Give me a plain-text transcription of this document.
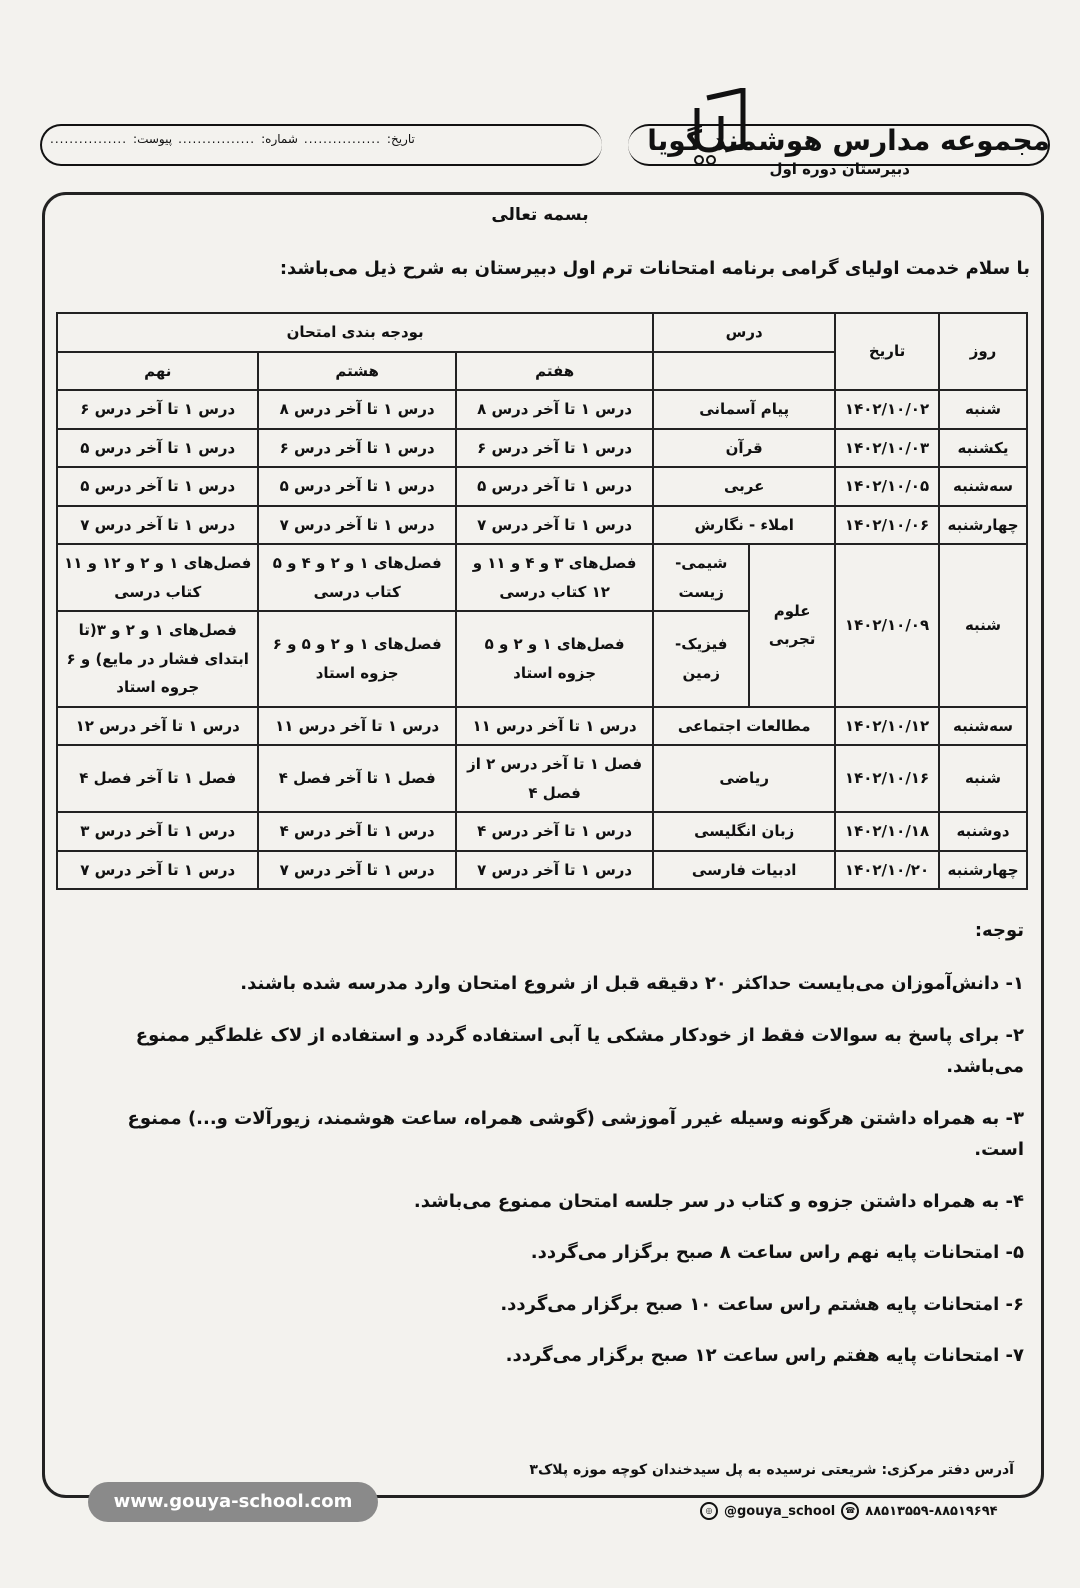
تاریخ:
................
شماره:
................
پیوست:
................	مجموعه مدارس هوشمند گویا
دبیرستان دوره اول
بسمه تعالی
با سلام خدمت اولیای گرامی برنامه امتحانات ترم اول دبیرستان به شرح ذیل می‌باشد:
روز	تاریخ	درس		بودجه بندی امتحان		
				هفتم	هشتم	نهم
شنبه	۱۴۰۲/۱۰/۰۲	پیام آسمانی		درس ۱ تا آخر درس ۸	درس ۱ تا آخر درس ۸	درس ۱ تا آخر درس ۶
یکشنبه	۱۴۰۲/۱۰/۰۳	قرآن		درس ۱ تا آخر درس ۶	درس ۱ تا آخر درس ۶	درس ۱ تا آخر درس ۵
سه‌شنبه	۱۴۰۲/۱۰/۰۵	عربی		درس ۱ تا آخر درس ۵	درس ۱ تا آخر درس ۵	درس ۱ تا آخر درس ۵
چهارشنبه	۱۴۰۲/۱۰/۰۶	املاء - نگارش		درس ۱ تا آخر درس ۷	درس ۱ تا آخر درس ۷	درس ۱ تا آخر درس ۷
شنبه	۱۴۰۲/۱۰/۰۹	علوم تجربی	شیمی- زیست	فصل‌های ۳ و ۴ و ۱۱ و ۱۲ کتاب درسی	فصل‌های ۱ و ۲ و ۴ و ۵ کتاب درسی	فصل‌های ۱ و ۲ و ۱۲ و ۱۱ کتاب درسی
			فیزیک- زمین	فصل‌های ۱ و ۲ و ۵ جزوه استاد	فصل‌های ۱ و ۲ و ۵ و ۶ جزوه استاد	فصل‌های ۱ و ۲ و ۳(تا ابتدای فشار در مایع) و ۶ جروه استاد
سه‌شنبه	۱۴۰۲/۱۰/۱۲	مطالعات اجتماعی		درس ۱ تا آخر درس ۱۱	درس ۱ تا آخر درس ۱۱	درس ۱ تا آخر درس ۱۲
شنبه	۱۴۰۲/۱۰/۱۶	ریاضی		فصل ۱ تا آخر درس ۲ از فصل ۴	فصل ۱ تا آخر فصل ۴	فصل ۱ تا آخر فصل ۴
دوشنبه	۱۴۰۲/۱۰/۱۸	زبان انگلیسی		درس ۱ تا آخر درس ۴	درس ۱ تا آخر درس ۴	درس ۱ تا آخر درس ۳
چهارشنبه	۱۴۰۲/۱۰/۲۰	ادبیات فارسی		درس ۱ تا آخر درس ۷	درس ۱ تا آخر درس ۷	درس ۱ تا آخر درس ۷
توجه:
۱- دانش‌آموزان می‌بایست حداکثر ۲۰ دقیقه قبل از شروع امتحان وارد مدرسه شده باشند.
۲- برای پاسخ به سوالات فقط از خودکار مشکی یا آبی استفاده گردد و استفاده از لاک غلط‌گیر ممنوع می‌باشد.
۳- به همراه داشتن هرگونه وسیله غیرر آموزشی (گوشی همراه، ساعت هوشمند، زیورآلات و...) ممنوع است.
۴- به همراه داشتن جزوه و کتاب در سر جلسه امتحان ممنوع می‌باشد.
۵- امتحانات پایه نهم راس ساعت ۸ صبح برگزار می‌گردد.
۶- امتحانات پایه هشتم راس ساعت ۱۰ صبح برگزار می‌گردد.
۷- امتحانات پایه هفتم راس ساعت ۱۲ صبح برگزار می‌گردد.
آدرس دفتر مرکزی: شریعتی نرسیده به پل سیدخندان کوچه موزه پلاک۳
www.gouya-school.com	◎ @gouya_school	☎ ۸۸۵۱۳۵۵۹-۸۸۵۱۹۶۹۴
